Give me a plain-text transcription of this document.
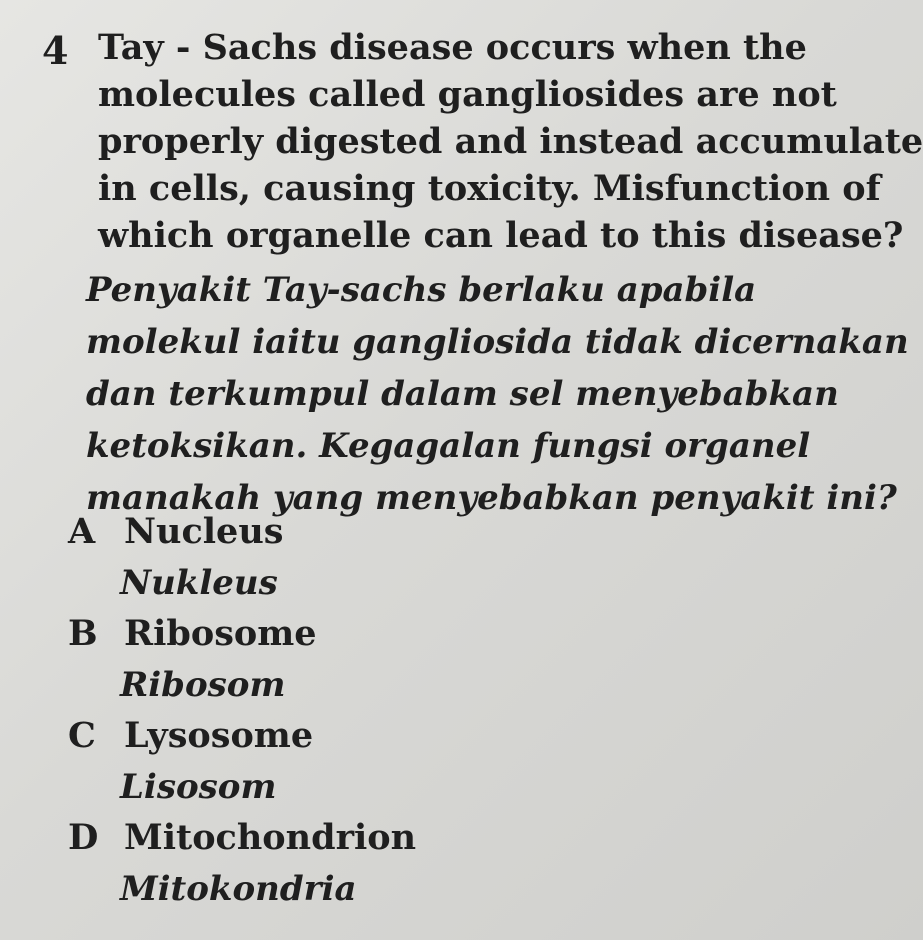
4 Tay - Sachs disease occurs when the
molecules called gangliosides are not
properly digested and instead accumulate
in cells, causing toxicity. Misfunction of
which organelle can lead to this disease?
Penyakit Tay-sachs berlaku apabila
molekul iaitu gangliosida tidak dicernakan
dan terkumpul dalam sel menyebabkan
ketoksikan. Kegagalan fungsi organel
manakah yang menyebabkan penyakit ini?
A Nucleus
Nukleus
B Ribosome
Ribosom
C Lysosome
Lisosom
D Mitochondrion
Mitokondria
